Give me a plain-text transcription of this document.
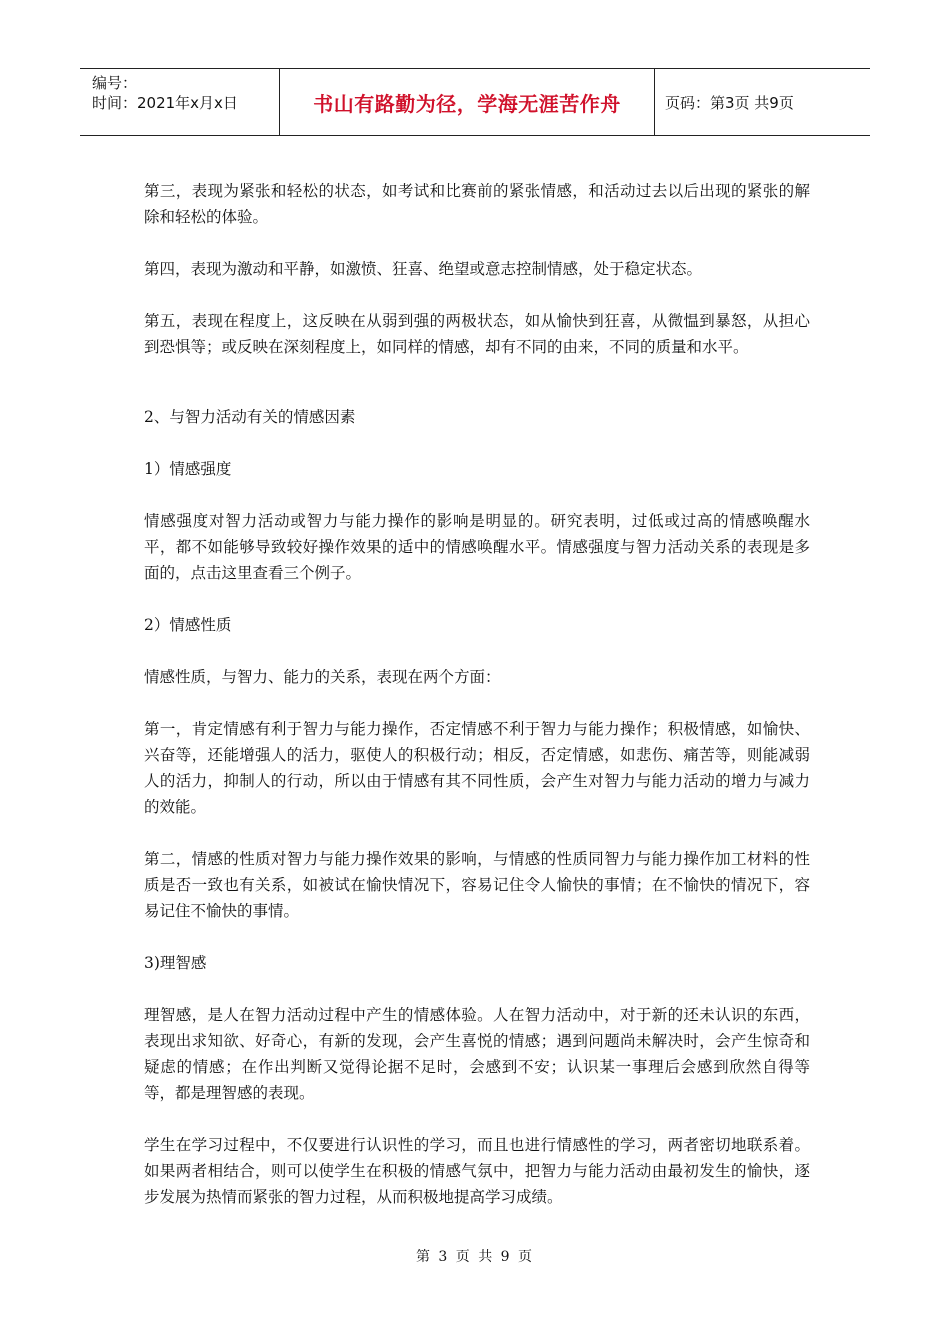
编号：
时间：2021年x月x日	书山有路勤为径，学海无涯苦作舟	页码：第3页 共9页

第三，表现为紧张和轻松的状态，如考试和比赛前的紧张情感，和活动过去以后出现的紧张的解除和轻松的体验。

第四，表现为激动和平静，如激愤、狂喜、绝望或意志控制情感，处于稳定状态。

第五，表现在程度上，这反映在从弱到强的两极状态，如从愉快到狂喜，从微愠到暴怒，从担心到恐惧等；或反映在深刻程度上，如同样的情感，却有不同的由来，不同的质量和水平。

2、与智力活动有关的情感因素

1）情感强度

情感强度对智力活动或智力与能力操作的影响是明显的。研究表明，过低或过高的情感唤醒水平，都不如能够导致较好操作效果的适中的情感唤醒水平。情感强度与智力活动关系的表现是多面的，点击这里查看三个例子。

2）情感性质

情感性质，与智力、能力的关系，表现在两个方面：

第一，肯定情感有利于智力与能力操作，否定情感不利于智力与能力操作；积极情感，如愉快、兴奋等，还能增强人的活力，驱使人的积极行动；相反，否定情感，如悲伤、痛苦等，则能减弱人的活力，抑制人的行动，所以由于情感有其不同性质，会产生对智力与能力活动的增力与减力的效能。

第二，情感的性质对智力与能力操作效果的影响，与情感的性质同智力与能力操作加工材料的性质是否一致也有关系，如被试在愉快情况下，容易记住令人愉快的事情；在不愉快的情况下，容易记住不愉快的事情。

3)理智感

理智感，是人在智力活动过程中产生的情感体验。人在智力活动中，对于新的还未认识的东西，表现出求知欲、好奇心，有新的发现，会产生喜悦的情感；遇到问题尚未解决时，会产生惊奇和疑虑的情感；在作出判断又觉得论据不足时，会感到不安；认识某一事理后会感到欣然自得等等，都是理智感的表现。

学生在学习过程中，不仅要进行认识性的学习，而且也进行情感性的学习，两者密切地联系着。如果两者相结合，则可以使学生在积极的情感气氛中，把智力与能力活动由最初发生的愉快，逐步发展为热情而紧张的智力过程，从而积极地提高学习成绩。

第 3 页 共 9 页
